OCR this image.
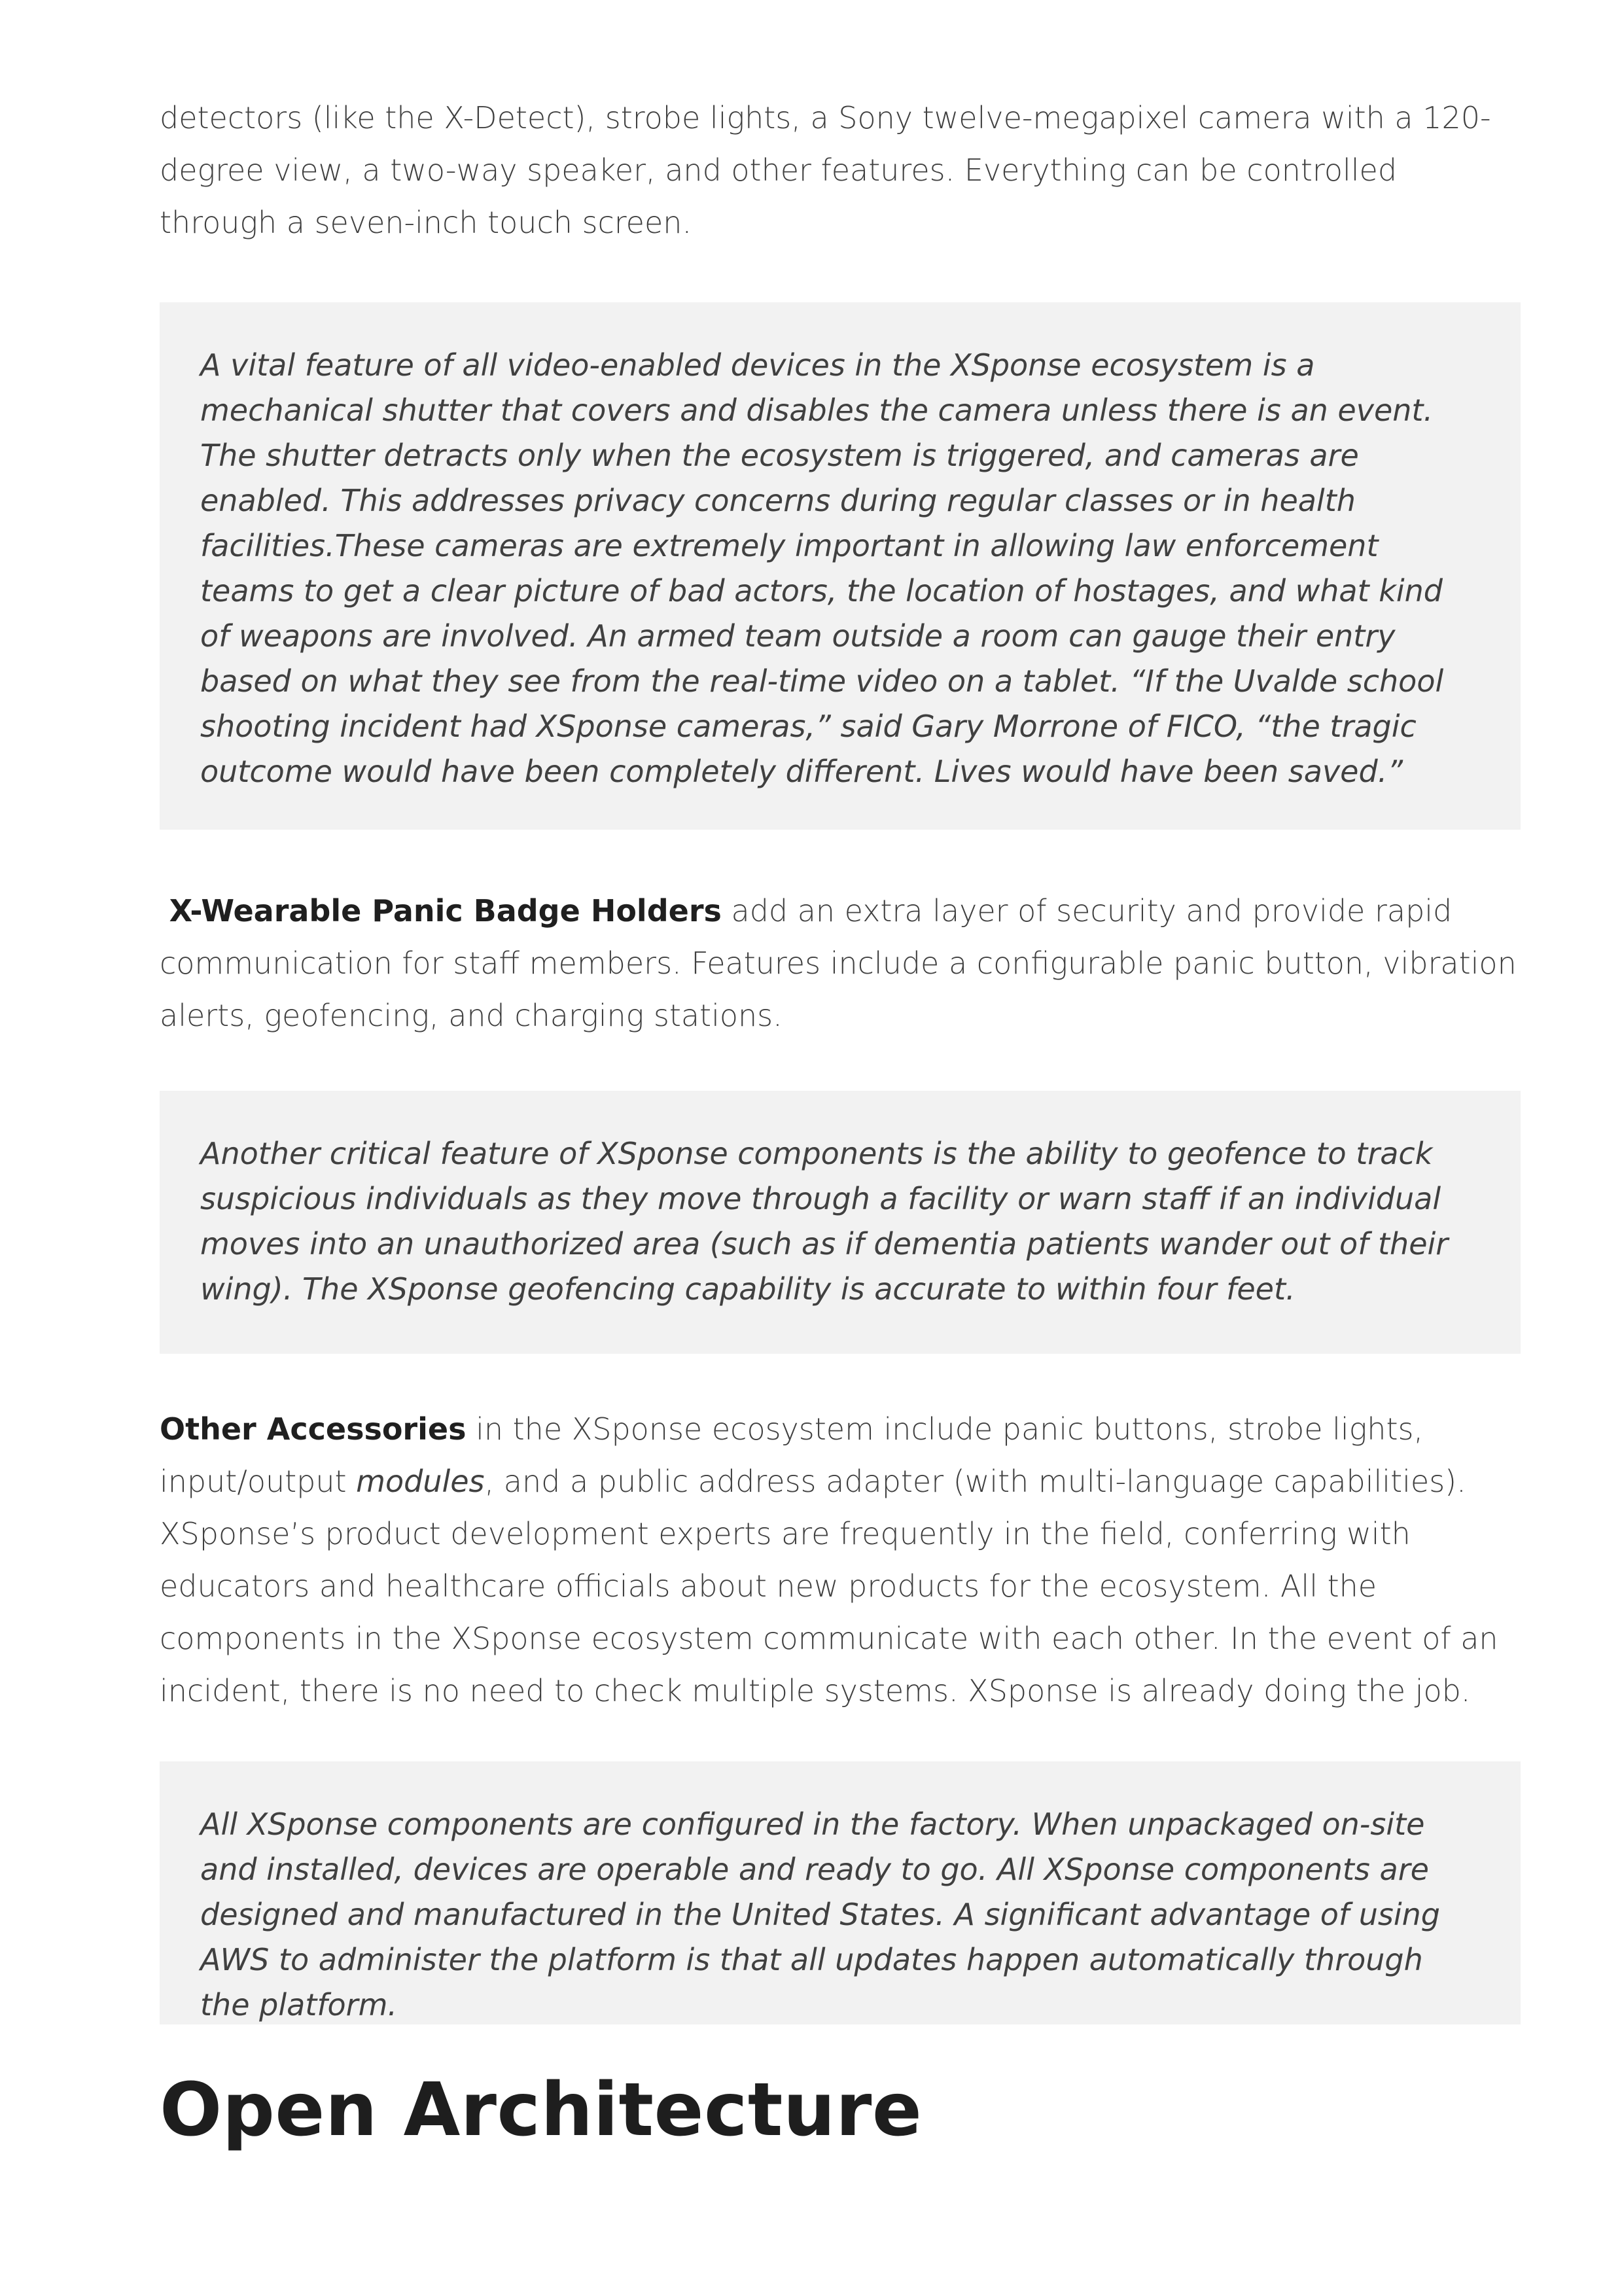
detectors (like the X-Detect), strobe lights, a Sony twelve-megapixel camera with a 120-degree view, a two-way speaker, and other features. Everything can be controlled through a seven-inch touch screen.

A vital feature of all video-enabled devices in the XSponse ecosystem is a mechanical shutter that covers and disables the camera unless there is an event. The shutter detracts only when the ecosystem is triggered, and cameras are enabled. This addresses privacy concerns during regular classes or in health facilities.These cameras are extremely important in allowing law enforcement teams to get a clear picture of bad actors, the location of hostages, and what kind of weapons are involved. An armed team outside a room can gauge their entry based on what they see from the real-time video on a tablet. “If the Uvalde school shooting incident had XSponse cameras,” said Gary Morrone of FICO, “the tragic outcome would have been completely different. Lives would have been saved.”

X-Wearable Panic Badge Holders add an extra layer of security and provide rapid communication for staff members. Features include a configurable panic button, vibration alerts, geofencing, and charging stations.

Another critical feature of XSponse components is the ability to geofence to track suspicious individuals as they move through a facility or warn staff if an individual moves into an unauthorized area (such as if dementia patients wander out of their wing). The XSponse geofencing capability is accurate to within four feet.

Other Accessories in the XSponse ecosystem include panic buttons, strobe lights, input/output modules, and a public address adapter (with multi-language capabilities). XSponse’s product development experts are frequently in the field, conferring with educators and healthcare officials about new products for the ecosystem. All the components in the XSponse ecosystem communicate with each other. In the event of an incident, there is no need to check multiple systems. XSponse is already doing the job.

All XSponse components are configured in the factory. When unpackaged on-site and installed, devices are operable and ready to go. All XSponse components are designed and manufactured in the United States. A significant advantage of using AWS to administer the platform is that all updates happen automatically through the platform.

Open Architecture
